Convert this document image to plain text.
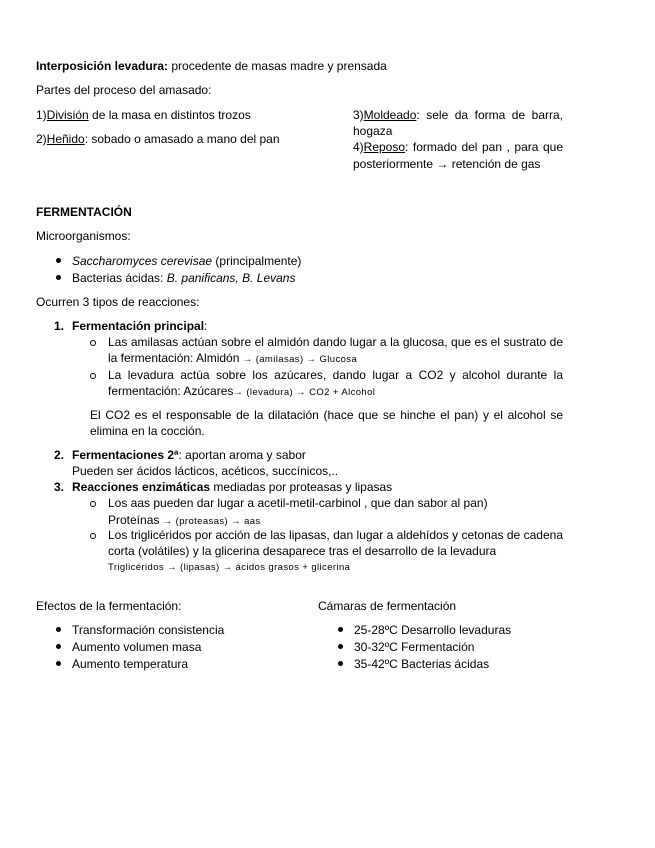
Interposición levadura: procedente de masas madre y prensada
Partes del proceso del amasado:
1)División de la masa en distintos trozos
2)Heñido: sobado o amasado a mano del pan
3)Moldeado: sele da forma de barra,
hogaza
4)Reposo: formado del pan , para que
posteriormente → retención de gas
FERMENTACIÓN
Microorganismos:
Saccharomyces cerevisae (principalmente)
Bacterias ácidas: B. panificans, B. Levans
Ocurren 3 tipos de reacciones:
1. Fermentación principal:
Las amilasas actúan sobre el almidón dando lugar a la glucosa, que es el sustrato de
la fermentación: Almidón → (amilasas) → Glucosa
La levadura actúa sobre los azúcares, dando lugar a CO2 y alcohol durante la
fermentación: Azúcares→ (levadura) → CO2 + Alcohol
El CO2 es el responsable de la dilatación (hace que se hinche el pan) y el alcohol se
elimina en la cocción.
2. Fermentaciones 2ª: aportan aroma y sabor
Pueden ser ácidos lácticos, acéticos, succínicos,..
3. Reacciones enzimáticas mediadas por proteasas y lipasas
Los aas pueden dar lugar a acetil-metil-carbinol , que dan sabor al pan)
Proteínas → (proteasas) → aas
Los triglicéridos por acción de las lipasas, dan lugar a aldehídos y cetonas de cadena
corta (volátiles) y la glicerina desaparece tras el desarrollo de la levadura
Triglicéridos → (lipasas) → ácidos grasos + glicerina
Efectos de la fermentación:
Transformación consistencia
Aumento volumen masa
Aumento temperatura
Cámaras de fermentación
25-28ºC Desarrollo levaduras
30-32ºC Fermentación
35-42ºC Bacterias ácidas
